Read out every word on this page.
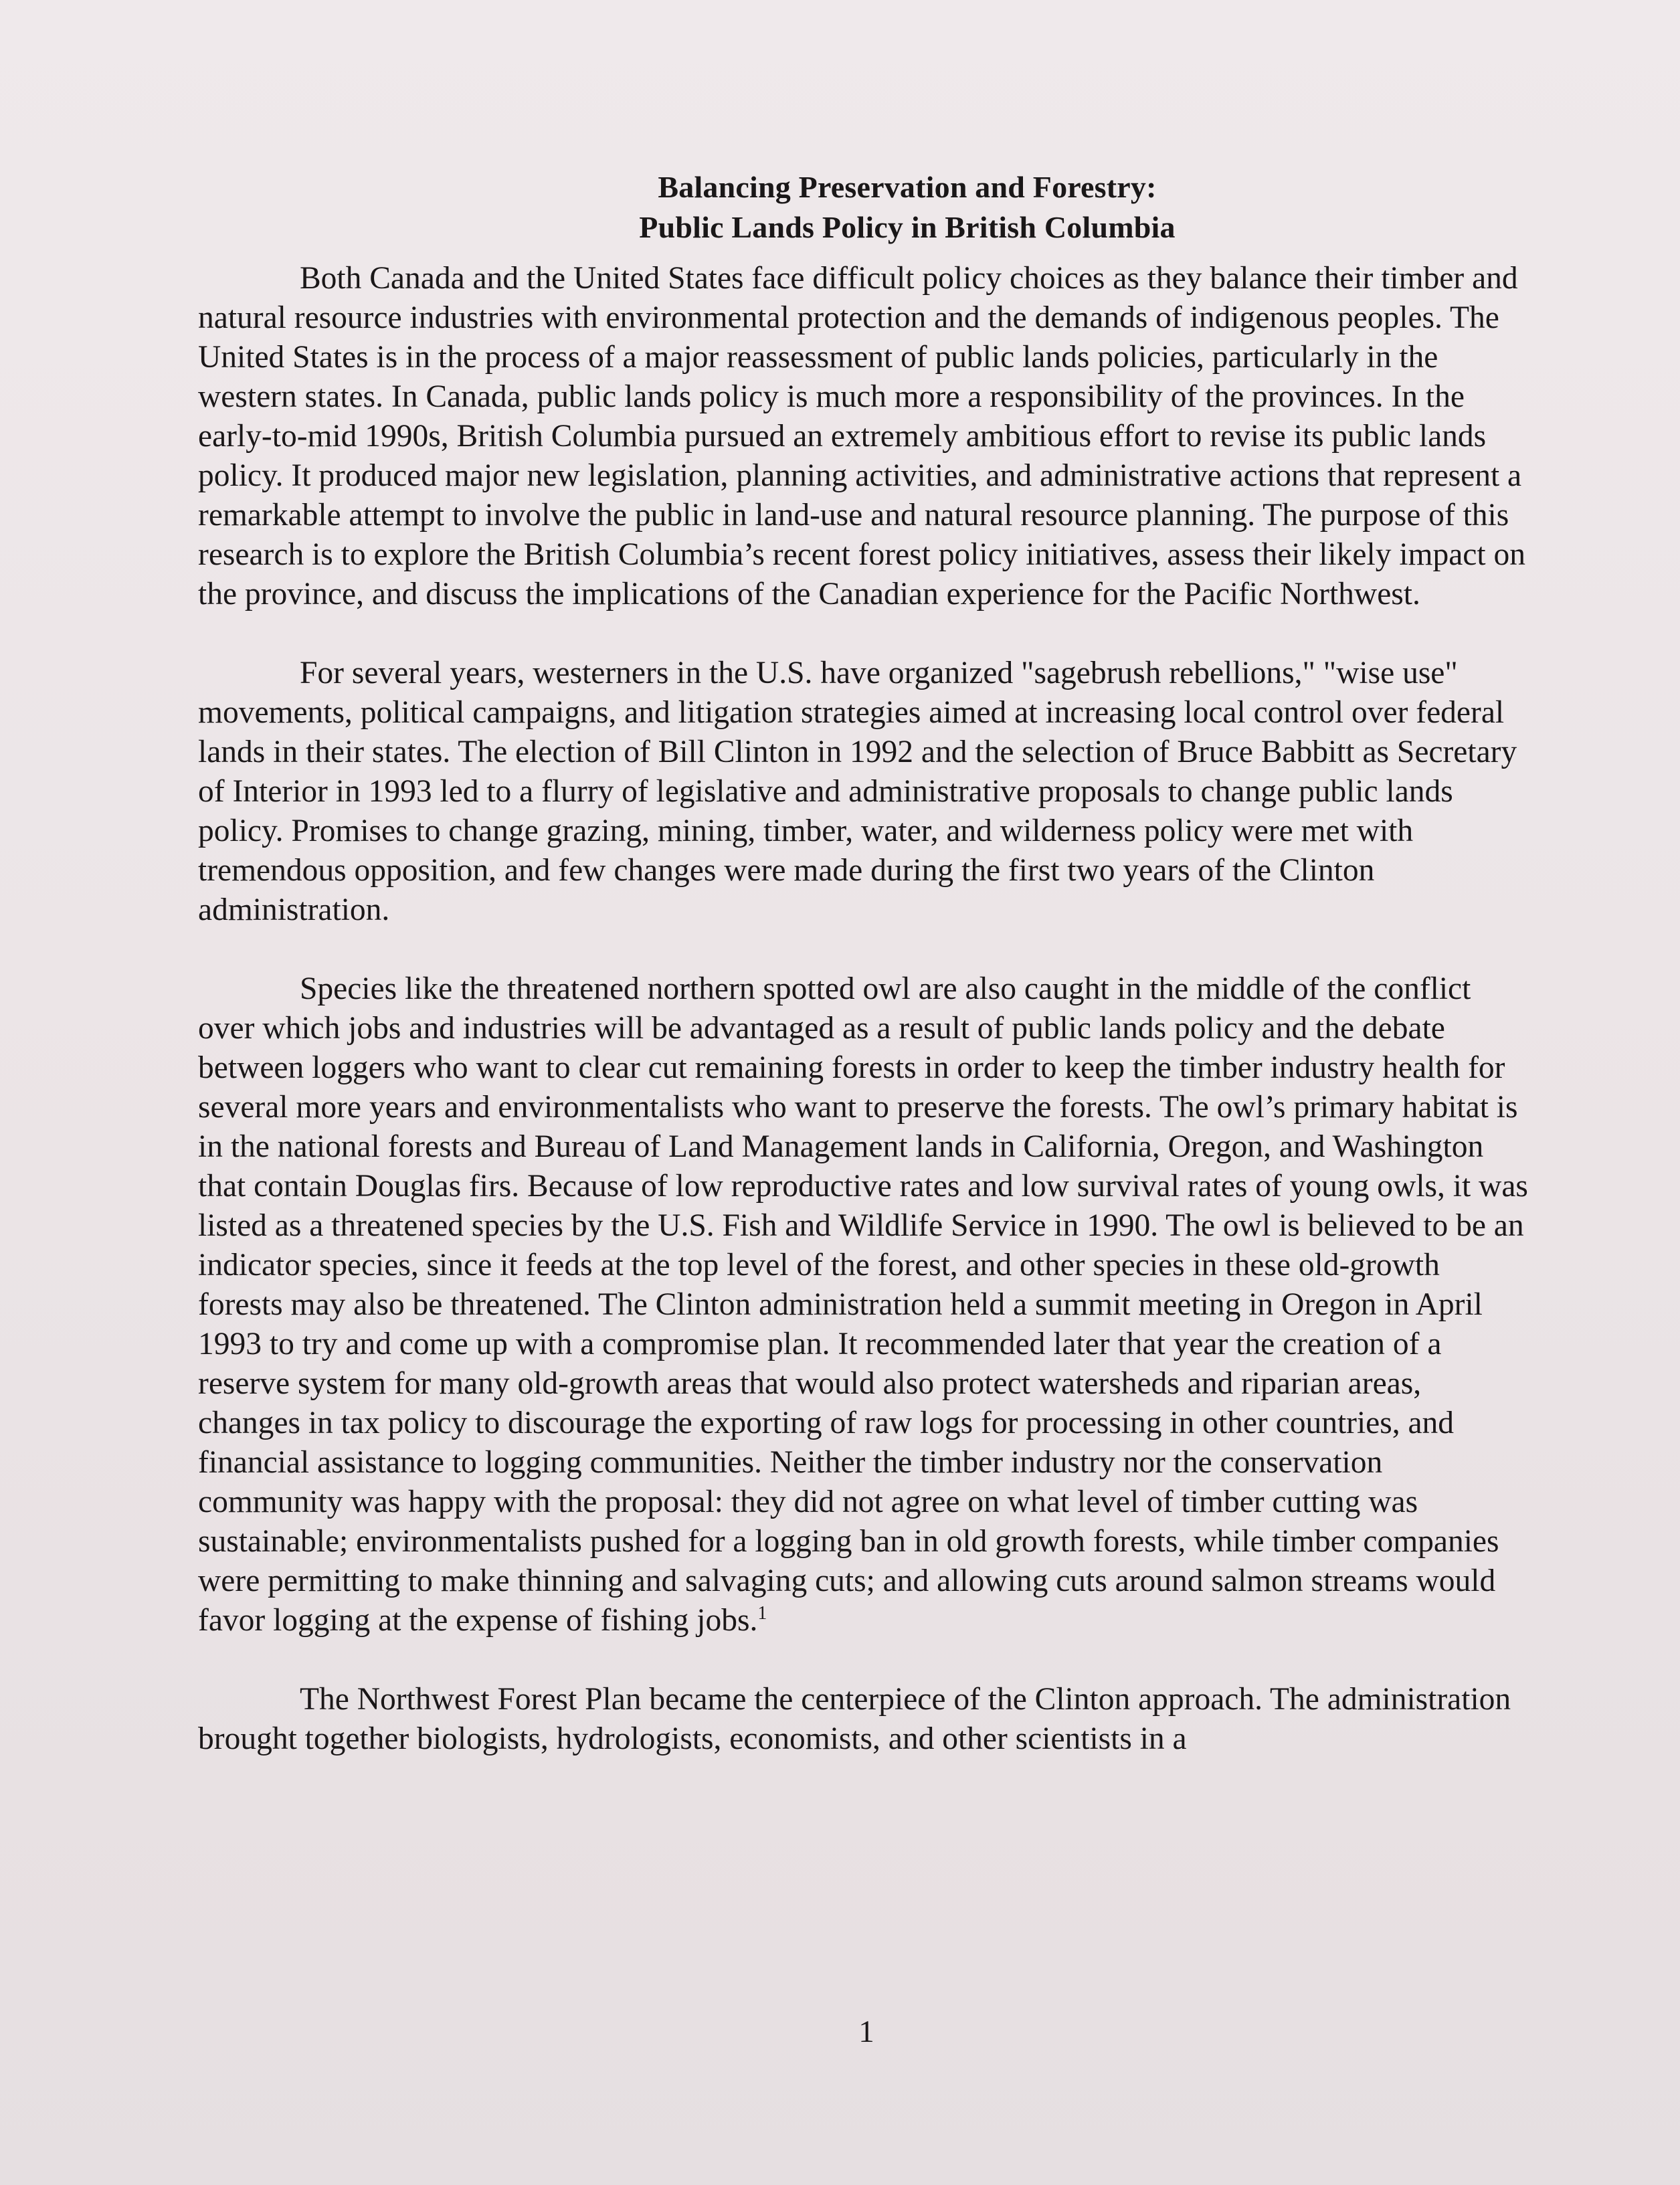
Balancing Preservation and Forestry:
Public Lands Policy in British Columbia

Both Canada and the United States face difficult policy choices as they balance their timber and natural resource industries with environmental protection and the demands of indigenous peoples. The United States is in the process of a major reassessment of public lands policies, particularly in the western states. In Canada, public lands policy is much more a responsibility of the provinces. In the early-to-mid 1990s, British Columbia pursued an extremely ambitious effort to revise its public lands policy. It produced major new legislation, planning activities, and administrative actions that represent a remarkable attempt to involve the public in land-use and natural resource planning. The purpose of this research is to explore the British Columbia’s recent forest policy initiatives, assess their likely impact on the province, and discuss the implications of the Canadian experience for the Pacific Northwest.

For several years, westerners in the U.S. have organized "sagebrush rebellions," "wise use" movements, political campaigns, and litigation strategies aimed at increasing local control over federal lands in their states. The election of Bill Clinton in 1992 and the selection of Bruce Babbitt as Secretary of Interior in 1993 led to a flurry of legislative and administrative proposals to change public lands policy. Promises to change grazing, mining, timber, water, and wilderness policy were met with tremendous opposition, and few changes were made during the first two years of the Clinton administration.

Species like the threatened northern spotted owl are also caught in the middle of the conflict over which jobs and industries will be advantaged as a result of public lands policy and the debate between loggers who want to clear cut remaining forests in order to keep the timber industry health for several more years and environmentalists who want to preserve the forests. The owl’s primary habitat is in the national forests and Bureau of Land Management lands in California, Oregon, and Washington that contain Douglas firs. Because of low reproductive rates and low survival rates of young owls, it was listed as a threatened species by the U.S. Fish and Wildlife Service in 1990. The owl is believed to be an indicator species, since it feeds at the top level of the forest, and other species in these old-growth forests may also be threatened. The Clinton administration held a summit meeting in Oregon in April 1993 to try and come up with a compromise plan. It recommended later that year the creation of a reserve system for many old-growth areas that would also protect watersheds and riparian areas, changes in tax policy to discourage the exporting of raw logs for processing in other countries, and financial assistance to logging communities. Neither the timber industry nor the conservation community was happy with the proposal: they did not agree on what level of timber cutting was sustainable; environmentalists pushed for a logging ban in old growth forests, while timber companies were permitting to make thinning and salvaging cuts; and allowing cuts around salmon streams would favor logging at the expense of fishing jobs.$^1$

The Northwest Forest Plan became the centerpiece of the Clinton approach. The administration brought together biologists, hydrologists, economists, and other scientists in a

1
